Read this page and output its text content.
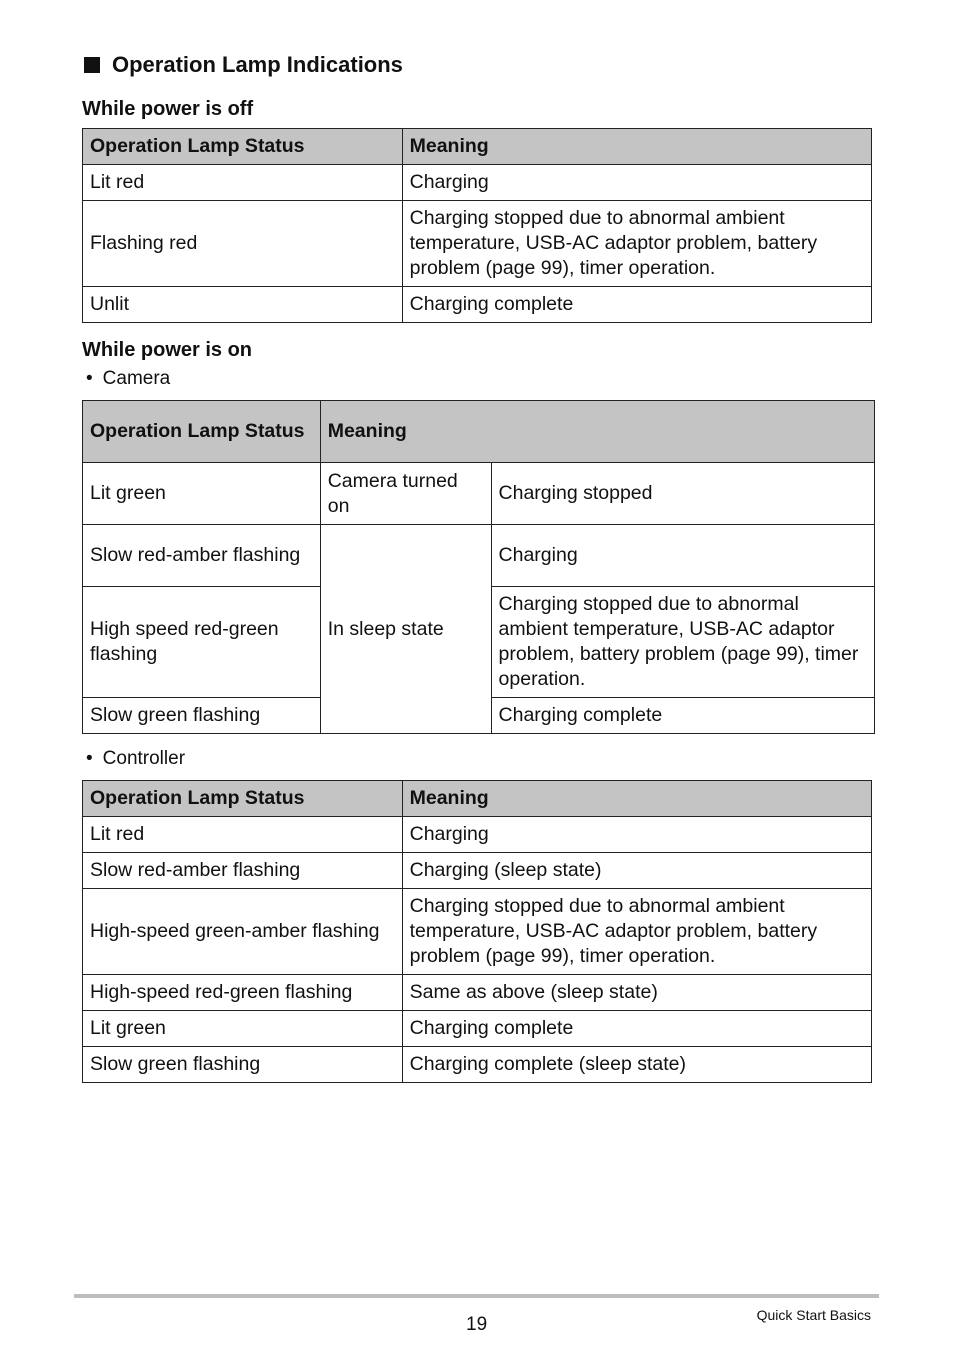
Operation Lamp Indications
While power is off
Operation Lamp Status	Meaning
Lit red	Charging
Flashing red	Charging stopped due to abnormal ambient temperature, USB-AC adaptor problem, battery problem (page 99), timer operation.
Unlit	Charging complete
While power is on
• Camera
Operation Lamp Status	Meaning	
Lit green	Camera turned on	Charging stopped
Slow red-amber flashing	In sleep state	Charging
High speed red-green flashing		Charging stopped due to abnormal ambient temperature, USB-AC adaptor problem, battery problem (page 99), timer operation.
Slow green flashing		Charging complete
• Controller
Operation Lamp Status	Meaning
Lit red	Charging
Slow red-amber flashing	Charging (sleep state)
High-speed green-amber flashing	Charging stopped due to abnormal ambient temperature, USB-AC adaptor problem, battery problem (page 99), timer operation.
High-speed red-green flashing	Same as above (sleep state)
Lit green	Charging complete
Slow green flashing	Charging complete (sleep state)
19	Quick Start Basics
